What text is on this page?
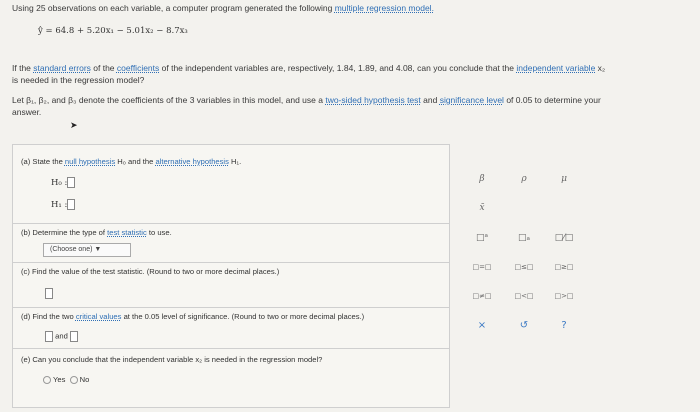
Using 25 observations on each variable, a computer program generated the following multiple regression model.
ŷ = 64.8 + 5.20x₁ − 5.01x₂ − 8.7x₃
If the standard errors of the coefficients of the independent variables are, respectively, 1.84, 1.89, and 4.08, can you conclude that the independent variable x₂
is needed in the regression model?
Let β₁, β₂, and β₃ denote the coefficients of the 3 variables in this model, and use a two-sided hypothesis test and significance level of 0.05 to determine your
answer.
➤
(a) State the null hypothesis H₀ and the alternative hypothesis H₁.
H₀ :
H₁ :
(b) Determine the type of test statistic to use.
(Choose one) ▼
(c) Find the value of the test statistic. (Round to two or more decimal places.)
(d) Find the two critical values at the 0.05 level of significance. (Round to two or more decimal places.)
and
(e) Can you conclude that the independent variable x₂ is needed in the regression model?
Yes No
β	ρ	μ
x̄
□ᵃ	□ₐ	□⁄□
□=□	□≤□	□≥□
□≠□	□<□	□>□
×	↺	?
